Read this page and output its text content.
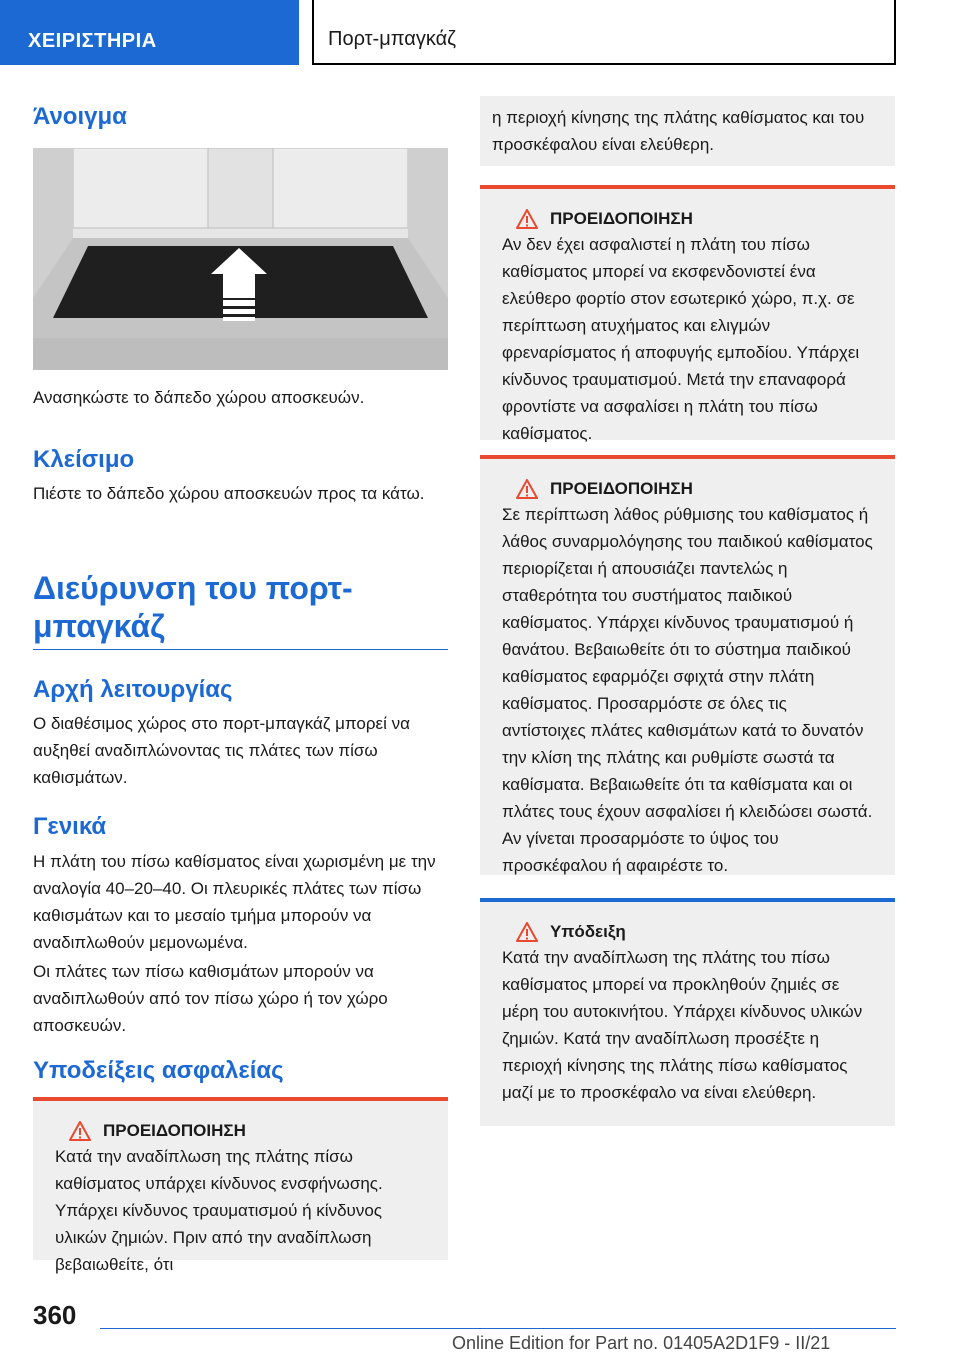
ΧΕΙΡΙΣΤΗΡΙΑ	Πορτ-μπαγκάζ
Άνοιγμα
Ανασηκώστε το δάπεδο χώρου αποσκευών.
Κλείσιμο
Πιέστε το δάπεδο χώρου αποσκευών προς τα κάτω.
Διεύρυνση του πορτ-
μπαγκάζ
Αρχή λειτουργίας
Ο διαθέσιμος χώρος στο πορτ-μπαγκάζ μπορεί να αυξηθεί αναδιπλώνοντας τις πλάτες των πίσω καθισμάτων.
Γενικά
Η πλάτη του πίσω καθίσματος είναι χωρισμένη με την αναλογία 40–20–40. Οι πλευρικές πλάτες των πίσω καθισμάτων και το μεσαίο τμήμα μπορούν να αναδιπλωθούν μεμονωμένα.
Οι πλάτες των πίσω καθισμάτων μπορούν να αναδιπλωθούν από τον πίσω χώρο ή τον χώρο αποσκευών.
Υποδείξεις ασφαλείας
ΠΡΟΕΙΔΟΠΟΙΗΣΗ
Κατά την αναδίπλωση της πλάτης πίσω καθίσματος υπάρχει κίνδυνος ενσφήνωσης. Υπάρχει κίνδυνος τραυματισμού ή κίνδυνος υλικών ζημιών. Πριν από την αναδίπλωση βεβαιωθείτε, ότι
η περιοχή κίνησης της πλάτης καθίσματος και του προσκέφαλου είναι ελεύθερη.
ΠΡΟΕΙΔΟΠΟΙΗΣΗ
Αν δεν έχει ασφαλιστεί η πλάτη του πίσω καθίσματος μπορεί να εκσφενδονιστεί ένα ελεύθερο φορτίο στον εσωτερικό χώρο, π.χ. σε περίπτωση ατυχήματος και ελιγμών φρεναρίσματος ή αποφυγής εμποδίου. Υπάρχει κίνδυνος τραυματισμού. Μετά την επαναφορά φροντίστε να ασφαλίσει η πλάτη του πίσω καθίσματος.
ΠΡΟΕΙΔΟΠΟΙΗΣΗ
Σε περίπτωση λάθος ρύθμισης του καθίσματος ή λάθος συναρμολόγησης του παιδικού καθίσματος περιορίζεται ή απουσιάζει παντελώς η σταθερότητα του συστήματος παιδικού καθίσματος. Υπάρχει κίνδυνος τραυματισμού ή θανάτου. Βεβαιωθείτε ότι το σύστημα παιδικού καθίσματος εφαρμόζει σφιχτά στην πλάτη καθίσματος. Προσαρμόστε σε όλες τις αντίστοιχες πλάτες καθισμάτων κατά το δυνατόν την κλίση της πλάτης και ρυθμίστε σωστά τα καθίσματα. Βεβαιωθείτε ότι τα καθίσματα και οι πλάτες τους έχουν ασφαλίσει ή κλειδώσει σωστά. Αν γίνεται προσαρμόστε το ύψος του προσκέφαλου ή αφαιρέστε το.
Υπόδειξη
Κατά την αναδίπλωση της πλάτης του πίσω καθίσματος μπορεί να προκληθούν ζημιές σε μέρη του αυτοκινήτου. Υπάρχει κίνδυνος υλικών ζημιών. Κατά την αναδίπλωση προσέξτε η περιοχή κίνησης της πλάτης πίσω καθίσματος μαζί με το προσκέφαλο να είναι ελεύθερη.
360
Online Edition for Part no. 01405A2D1F9 - II/21
